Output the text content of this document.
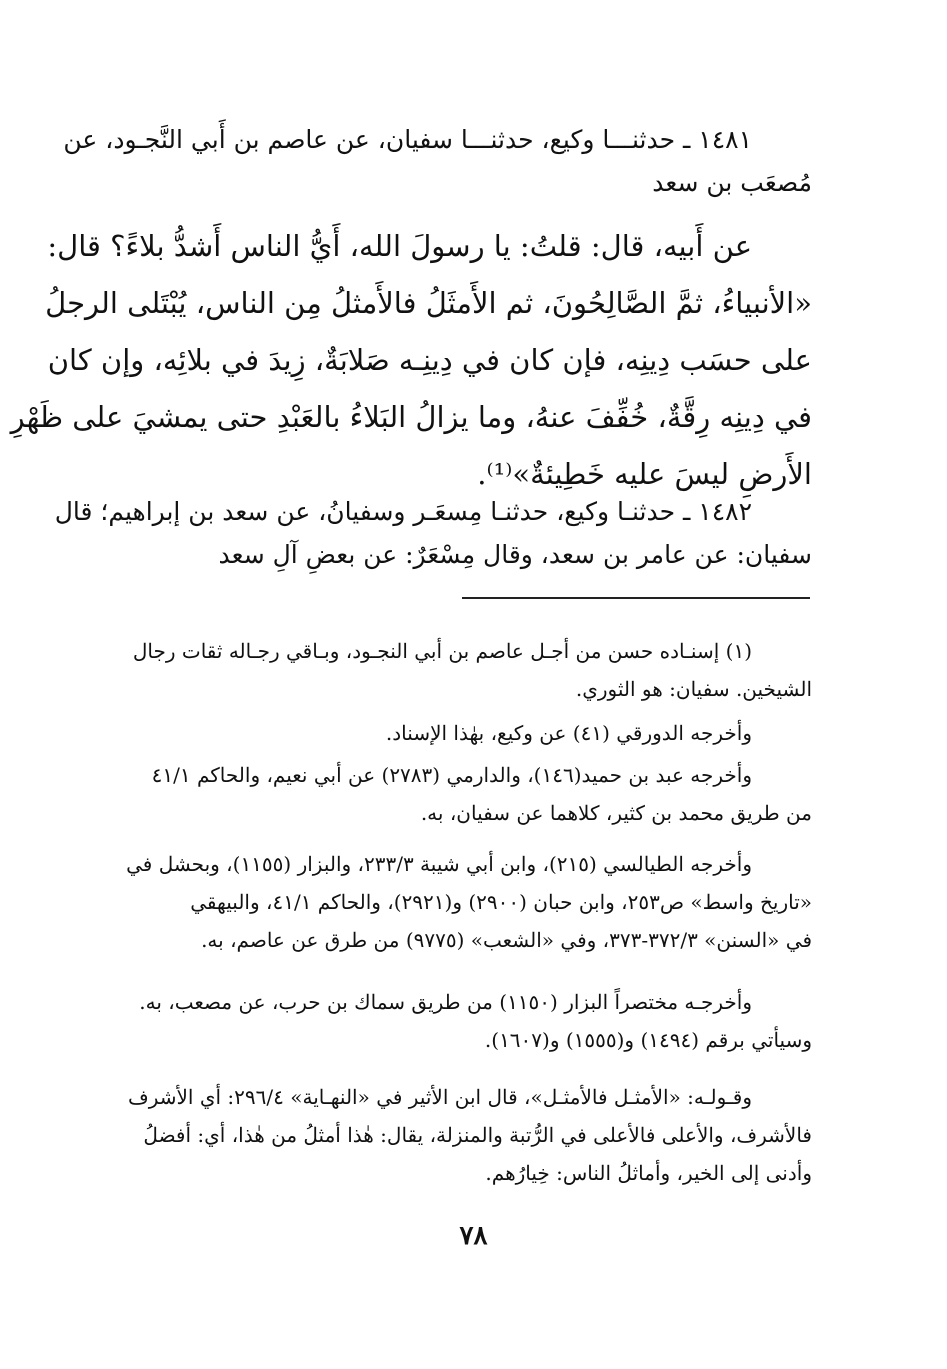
١٤٨١ ـ حدثنـــا وكيع، حدثنـــا سفيان، عن عاصم بن أَبي النَّجـود، عن
مُصعَب بن سعد
عن أَبيه، قال: قلتُ: يا رسولَ الله، أَيُّ الناس أَشدُّ بلاءً؟ قال:
«الأنبياءُ، ثمَّ الصَّالِحُونَ، ثم الأَمثَلُ فالأَمثلُ مِن الناس، يُبْتَلى الرجلُ
على حسَب دِينِه، فإن كان في دِينِـه صَلابَةٌ، زِيدَ في بلائِه، وإن كان
في دِينِه رِقَّةٌ، خُفِّفَ عنهُ، وما يزالُ البَلاءُ بالعَبْدِ حتى يمشيَ على ظَهْرِ
الأَرضِ ليسَ عليه خَطِيئةٌ»⁽¹⁾.
١٤٨٢ ـ حدثنـا وكيع، حدثنـا مِسعَـر وسفيانُ، عن سعد بن إبراهيم؛ قال
سفيان: عن عامر بن سعد، وقال مِسْعَرٌ: عن بعضِ آلِ سعد
(١) إسنـاده حسن من أجـل عاصم بن أبي النجـود، وبـاقي رجـاله ثقات رجال
الشيخين. سفيان: هو الثوري.
وأخرجه الدورقي (٤١) عن وكيع، بهٰذا الإسناد.
وأخرجه عبد بن حميد(١٤٦)، والدارمي (٢٧٨٣) عن أبي نعيم، والحاكم ٤١/١
من طريق محمد بن كثير، كلاهما عن سفيان، به.
وأخرجه الطيالسي (٢١٥)، وابن أبي شيبة ٢٣٣/٣، والبزار (١١٥٥)، وبحشل في
«تاريخ واسط» ص٢٥٣، وابن حبان (٢٩٠٠) و(٢٩٢١)، والحاكم ٤١/١، والبيهقي
في «السنن» ٣٧٢/٣-٣٧٣، وفي «الشعب» (٩٧٧٥) من طرق عن عاصم، به.
وأخرجـه مختصراً البزار (١١٥٠) من طريق سماك بن حرب، عن مصعب، به.
وسيأتي برقم (١٤٩٤) و(١٥٥٥) و(١٦٠٧).
وقـولـه: «الأمثـل فالأمثـل»، قال ابن الأثير في «النهـاية» ٢٩٦/٤: أي الأشرف
فالأشرف، والأعلى فالأعلى في الرُّتبة والمنزلة، يقال: هٰذا أمثلُ من هٰذا، أي: أفضلُ
وأدنى إلى الخير، وأماثلُ الناس: خِيارُهم.
٧٨
